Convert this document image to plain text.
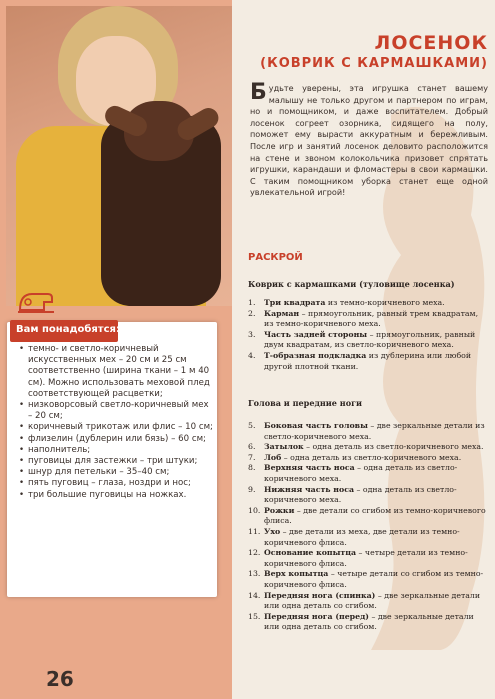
ЛОСЕНОК
(КОВРИК С КАРМАШКАМИ)
Будьте уверены, эта игрушка станет вашему малышу не только другом и партнером по играм, но и помощником, и даже воспитателем. Добрый лосенок согреет озорника, сидящего на полу, поможет ему вырасти аккуратным и бережливым. После игр и занятий лосенок деловито расположится на стене и звоном колокольчика призовет спрятать игрушки, карандаши и фломастеры в свои кармашки. С таким помощником уборка станет еще одной увлекательной игрой!
Вам понадобятся:
• темно- и светло-коричневый искусственных мех – 20 см и 25 см соответственно (ширина ткани – 1 м 40 см). Можно использовать меховой плед соответствующей расцветки;
• низковорсовый светло-коричневый мех – 20 см;
• коричневый трикотаж или флис – 10 см;
• флизелин (дублерин или бязь) – 60 см;
• наполнитель;
• пуговицы для застежки – три штуки;
• шнур для петельки – 35–40 см;
• пять пуговиц – глаза, ноздри и нос;
• три большие пуговицы на ножках.
РАСКРОЙ
Коврик с кармашками (туловище лосенка)
1.	Три квадрата из темно-коричневого меха.
2.	Карман – прямоугольник, равный трем квадратам, из темно-коричневого меха.
3.	Часть задней стороны – прямоугольник, равный двум квадратам, из светло-коричневого меха.
4.	Т-образная подкладка из дублерина или любой другой плотной ткани.
Голова и передние ноги
5.	Боковая часть головы – две зеркальные детали из светло-коричневого меха.
6.	Затылок – одна деталь из светло-коричневого меха.
7.	Лоб – одна деталь из светло-коричневого меха.
8.	Верхняя часть носа – одна деталь из светло-коричневого меха.
9.	Нижняя часть носа – одна деталь из светло-коричневого меха.
10. Рожки – две детали со сгибом из темно-коричневого флиса.
11. Ухо – две детали из меха, две детали из темно-коричневого флиса.
12. Основание копытца – четыре детали из темно-коричневого флиса.
13. Верх копытца – четыре детали со сгибом из темно-коричневого флиса.
14. Передняя нога (спинка) – две зеркальные детали или одна деталь со сгибом.
15. Передняя нога (перед) – две зеркальные детали или одна деталь со сгибом.
26
